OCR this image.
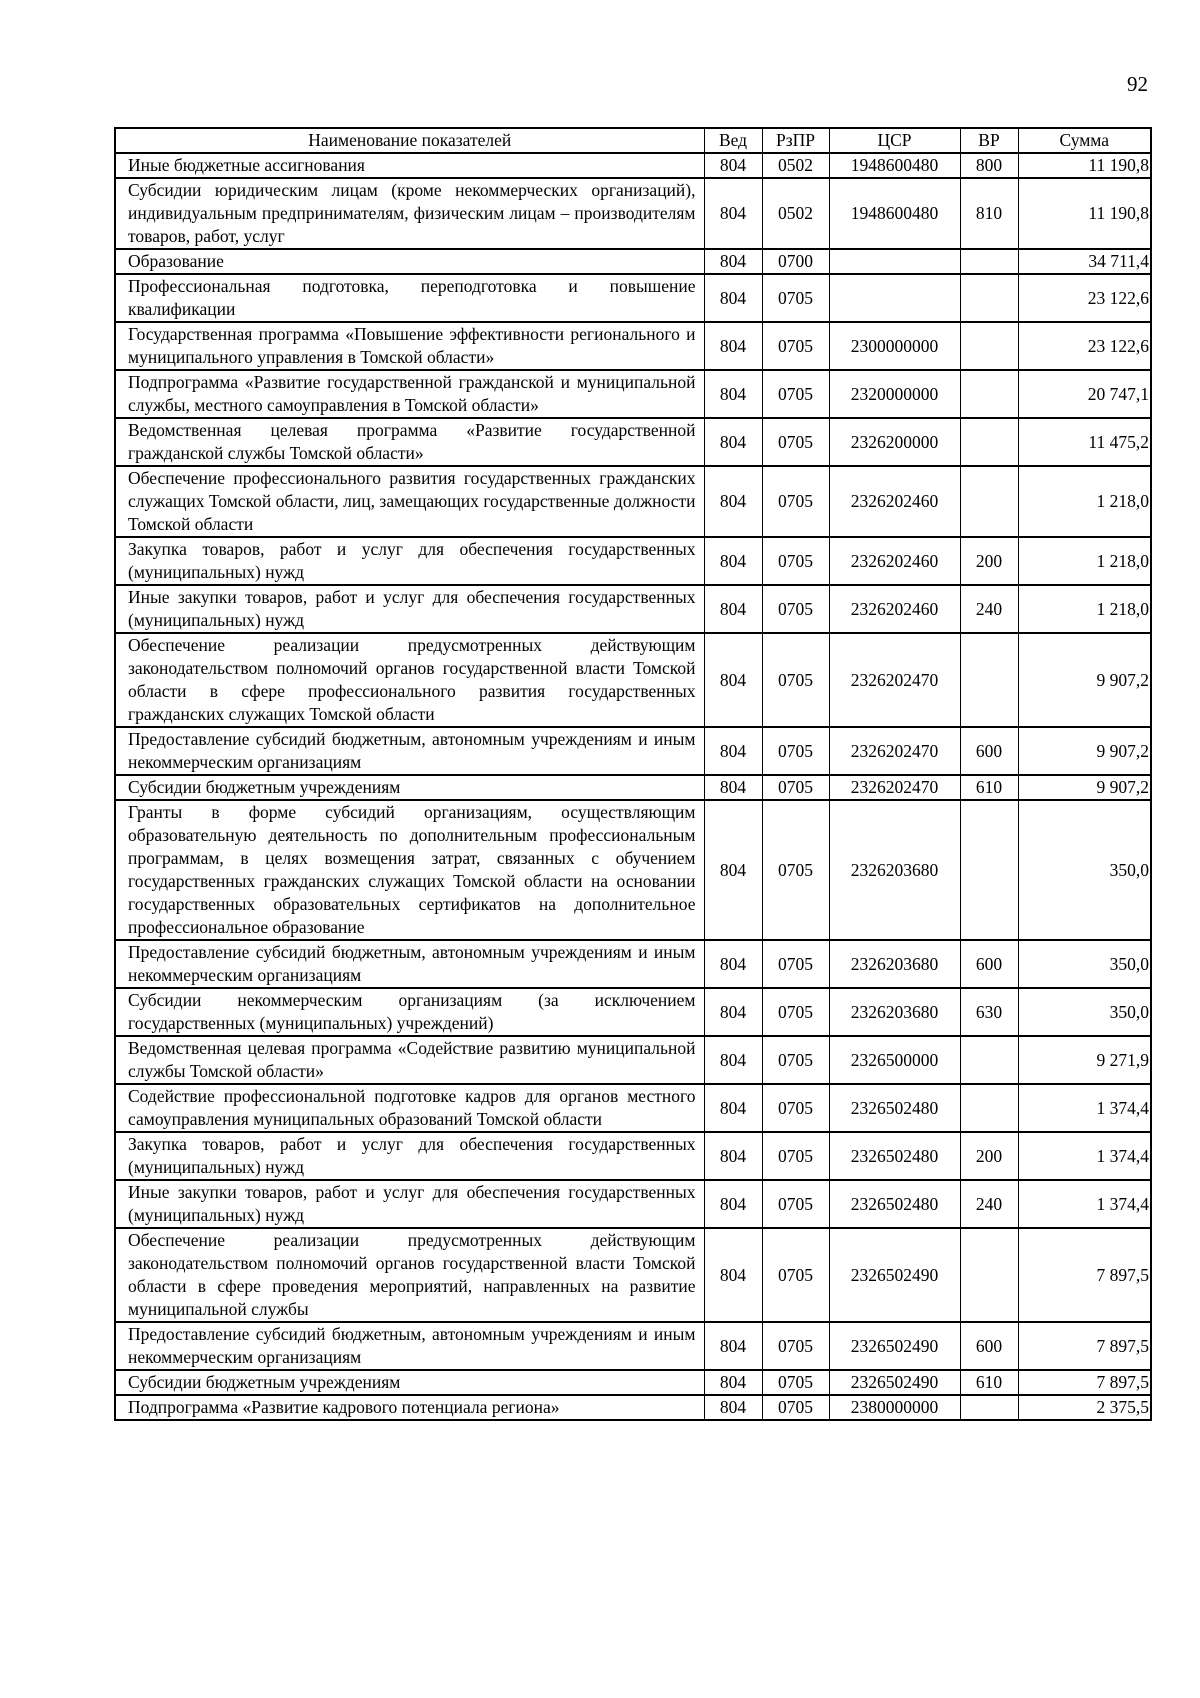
92
Наименование показателей	Вед	РзПР	ЦСР	ВР	Сумма
Иные бюджетные ассигнования	804	0502	1948600480	800	11 190,8
Субсидии юридическим лицам (кроме некоммерческих организаций), индивидуальным предпринимателям, физическим лицам – производителям товаров, работ, услуг	804	0502	1948600480	810	11 190,8
Образование	804	0700			34 711,4
Профессиональная подготовка, переподготовка и повышение квалификации	804	0705			23 122,6
Государственная программа «Повышение эффективности регионального и муниципального управления в Томской области»	804	0705	2300000000		23 122,6
Подпрограмма «Развитие государственной гражданской и муниципальной службы, местного самоуправления в Томской области»	804	0705	2320000000		20 747,1
Ведомственная целевая программа «Развитие государственной гражданской службы Томской области»	804	0705	2326200000		11 475,2
Обеспечение профессионального развития государственных гражданских служащих Томской области, лиц, замещающих государственные должности Томской области	804	0705	2326202460		1 218,0
Закупка товаров, работ и услуг для обеспечения государственных (муниципальных) нужд	804	0705	2326202460	200	1 218,0
Иные закупки товаров, работ и услуг для обеспечения государственных (муниципальных) нужд	804	0705	2326202460	240	1 218,0
Обеспечение реализации предусмотренных действующим законодательством полномочий органов государственной власти Томской области в сфере профессионального развития государственных гражданских служащих Томской области	804	0705	2326202470		9 907,2
Предоставление субсидий бюджетным, автономным учреждениям и иным некоммерческим организациям	804	0705	2326202470	600	9 907,2
Субсидии бюджетным учреждениям	804	0705	2326202470	610	9 907,2
Гранты в форме субсидий организациям, осуществляющим образовательную деятельность по дополнительным профессиональным программам, в целях возмещения затрат, связанных с обучением государственных гражданских служащих Томской области на основании государственных образовательных сертификатов на дополнительное профессиональное образование	804	0705	2326203680		350,0
Предоставление субсидий бюджетным, автономным учреждениям и иным некоммерческим организациям	804	0705	2326203680	600	350,0
Субсидии некоммерческим организациям (за исключением государственных (муниципальных) учреждений)	804	0705	2326203680	630	350,0
Ведомственная целевая программа «Содействие развитию муниципальной службы Томской области»	804	0705	2326500000		9 271,9
Содействие профессиональной подготовке кадров для органов местного самоуправления муниципальных образований Томской области	804	0705	2326502480		1 374,4
Закупка товаров, работ и услуг для обеспечения государственных (муниципальных) нужд	804	0705	2326502480	200	1 374,4
Иные закупки товаров, работ и услуг для обеспечения государственных (муниципальных) нужд	804	0705	2326502480	240	1 374,4
Обеспечение реализации предусмотренных действующим законодательством полномочий органов государственной власти Томской области в сфере проведения мероприятий, направленных на развитие муниципальной службы	804	0705	2326502490		7 897,5
Предоставление субсидий бюджетным, автономным учреждениям и иным некоммерческим организациям	804	0705	2326502490	600	7 897,5
Субсидии бюджетным учреждениям	804	0705	2326502490	610	7 897,5
Подпрограмма «Развитие кадрового потенциала региона»	804	0705	2380000000		2 375,5
